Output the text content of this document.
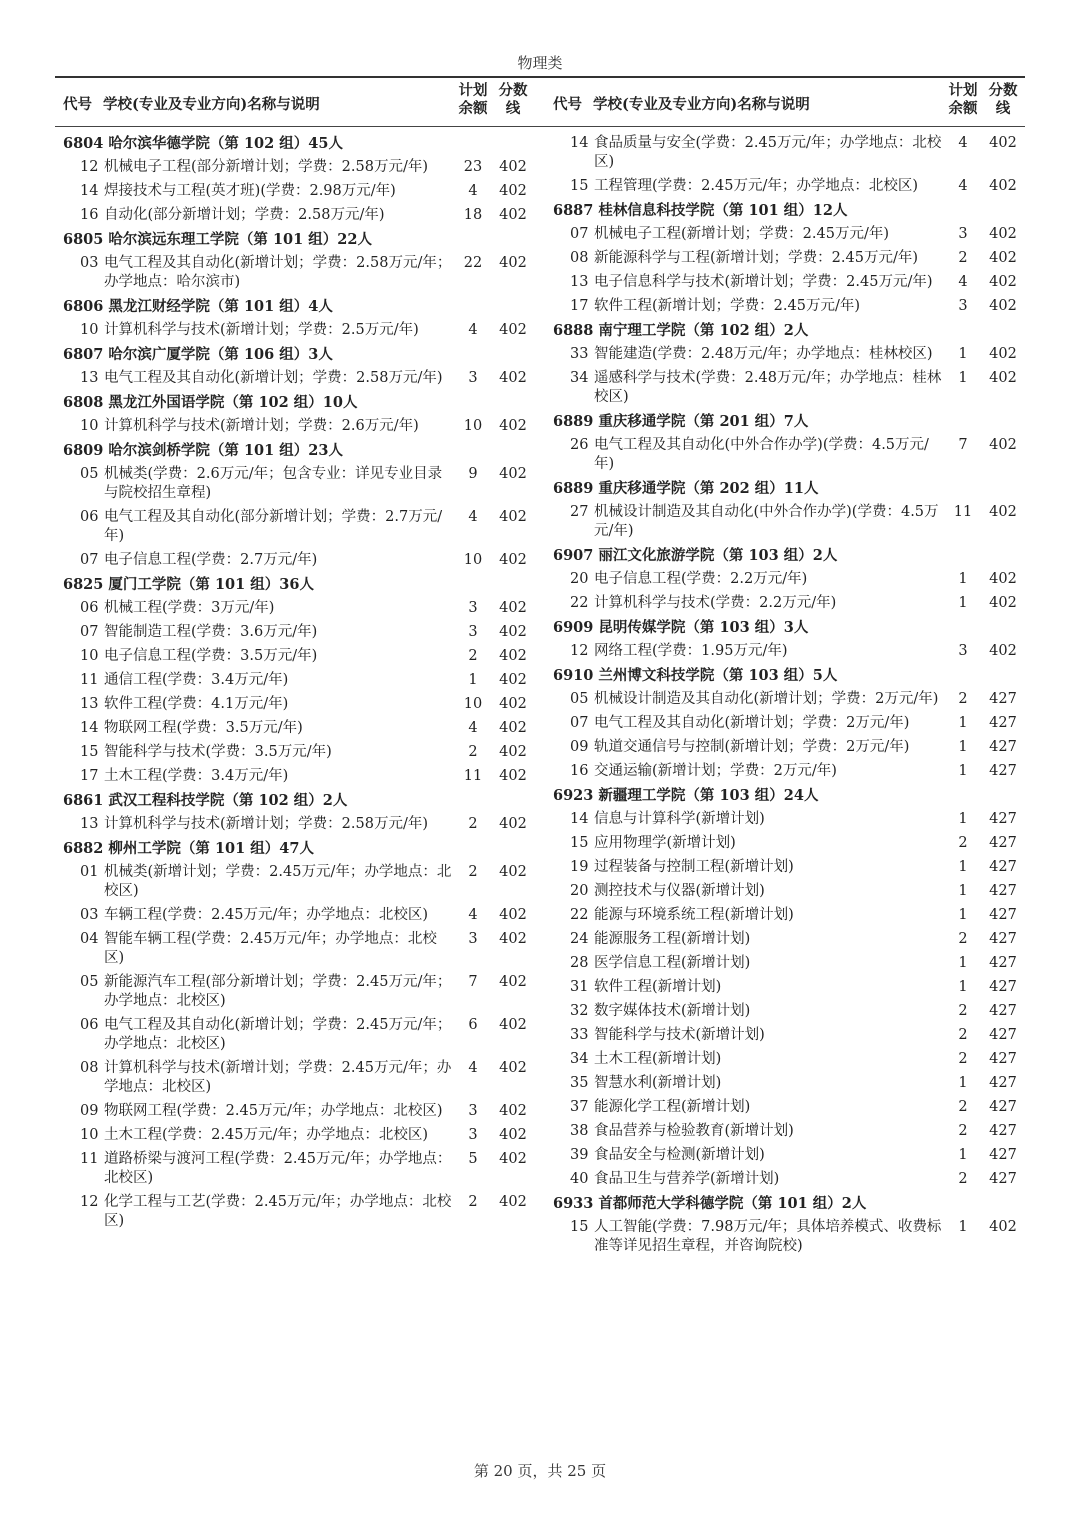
物理类
代号 学校(专业及专业方向)名称与说明
计划余额
分数线
6804 哈尔滨华德学院（第 102 组）45人
12 机械电子工程(部分新增计划；学费：2.58万元/年)	23	402
14 焊接技术与工程(英才班)(学费：2.98万元/年)	4	402
16 自动化(部分新增计划；学费：2.58万元/年)	18	402
6805 哈尔滨远东理工学院（第 101 组）22人
03 电气工程及其自动化(新增计划；学费：2.58万元/年；办学地点：哈尔滨市)
22	402
6806 黑龙江财经学院（第 101 组）4人
10 计算机科学与技术(新增计划；学费：2.5万元/年)	4	402
6807 哈尔滨广厦学院（第 106 组）3人
13 电气工程及其自动化(新增计划；学费：2.58万元/年)	3	402
6808 黑龙江外国语学院（第 102 组）10人
10 计算机科学与技术(新增计划；学费：2.6万元/年)	10	402
6809 哈尔滨剑桥学院（第 101 组）23人
05 机械类(学费：2.6万元/年；包含专业：详见专业目录与院校招生章程)
9	402
06 电气工程及其自动化(部分新增计划；学费：2.7万元/年)
4	402
07 电子信息工程(学费：2.7万元/年)	10	402
6825 厦门工学院（第 101 组）36人
06 机械工程(学费：3万元/年)	3	402
07 智能制造工程(学费：3.6万元/年)	3	402
10 电子信息工程(学费：3.5万元/年)	2	402
11 通信工程(学费：3.4万元/年)	1	402
13 软件工程(学费：4.1万元/年)	10	402
14 物联网工程(学费：3.5万元/年)	4	402
15 智能科学与技术(学费：3.5万元/年)	2	402
17 土木工程(学费：3.4万元/年)	11	402
6861 武汉工程科技学院（第 102 组）2人
13 计算机科学与技术(新增计划；学费：2.58万元/年)	2	402
6882 柳州工学院（第 101 组）47人
01 机械类(新增计划；学费：2.45万元/年；办学地点：北校区)
2	402
03 车辆工程(学费：2.45万元/年；办学地点：北校区)	4	402
04 智能车辆工程(学费：2.45万元/年；办学地点：北校区)
3	402
05 新能源汽车工程(部分新增计划；学费：2.45万元/年；办学地点：北校区)
7	402
06 电气工程及其自动化(新增计划；学费：2.45万元/年；办学地点：北校区)
6	402
08 计算机科学与技术(新增计划；学费：2.45万元/年；办学地点：北校区)
4	402
09 物联网工程(学费：2.45万元/年；办学地点：北校区)	3	402
10 土木工程(学费：2.45万元/年；办学地点：北校区)	3	402
11 道路桥梁与渡河工程(学费：2.45万元/年；办学地点：北校区)
5	402
12 化学工程与工艺(学费：2.45万元/年；办学地点：北校区)
2	402
代号 学校(专业及专业方向)名称与说明
计划余额
分数线
14 食品质量与安全(学费：2.45万元/年；办学地点：北校区)
4	402
15 工程管理(学费：2.45万元/年；办学地点：北校区)	4	402
6887 桂林信息科技学院（第 101 组）12人
07 机械电子工程(新增计划；学费：2.45万元/年)	3	402
08 新能源科学与工程(新增计划；学费：2.45万元/年)	2	402
13 电子信息科学与技术(新增计划；学费：2.45万元/年)	4	402
17 软件工程(新增计划；学费：2.45万元/年)	3	402
6888 南宁理工学院（第 102 组）2人
33 智能建造(学费：2.48万元/年；办学地点：桂林校区)	1	402
34 遥感科学与技术(学费：2.48万元/年；办学地点：桂林校区)
1	402
6889 重庆移通学院（第 201 组）7人
26 电气工程及其自动化(中外合作办学)(学费：4.5万元/年)
7	402
6889 重庆移通学院（第 202 组）11人
27 机械设计制造及其自动化(中外合作办学)(学费：4.5万元/年)
11	402
6907 丽江文化旅游学院（第 103 组）2人
20 电子信息工程(学费：2.2万元/年)	1	402
22 计算机科学与技术(学费：2.2万元/年)	1	402
6909 昆明传媒学院（第 103 组）3人
12 网络工程(学费：1.95万元/年)	3	402
6910 兰州博文科技学院（第 103 组）5人
05 机械设计制造及其自动化(新增计划；学费：2万元/年)	2	427
07 电气工程及其自动化(新增计划；学费：2万元/年)	1	427
09 轨道交通信号与控制(新增计划；学费：2万元/年)	1	427
16 交通运输(新增计划；学费：2万元/年)	1	427
6923 新疆理工学院（第 103 组）24人
14 信息与计算科学(新增计划)	1	427
15 应用物理学(新增计划)	2	427
19 过程装备与控制工程(新增计划)	1	427
20 测控技术与仪器(新增计划)	1	427
22 能源与环境系统工程(新增计划)	1	427
24 能源服务工程(新增计划)	2	427
28 医学信息工程(新增计划)	1	427
31 软件工程(新增计划)	1	427
32 数字媒体技术(新增计划)	2	427
33 智能科学与技术(新增计划)	2	427
34 土木工程(新增计划)	2	427
35 智慧水利(新增计划)	1	427
37 能源化学工程(新增计划)	2	427
38 食品营养与检验教育(新增计划)	2	427
39 食品安全与检测(新增计划)	1	427
40 食品卫生与营养学(新增计划)	2	427
6933 首都师范大学科德学院（第 101 组）2人
15 人工智能(学费：7.98万元/年；具体培养模式、收费标准等详见招生章程，并咨询院校)
1	402
第 20 页，共 25 页
